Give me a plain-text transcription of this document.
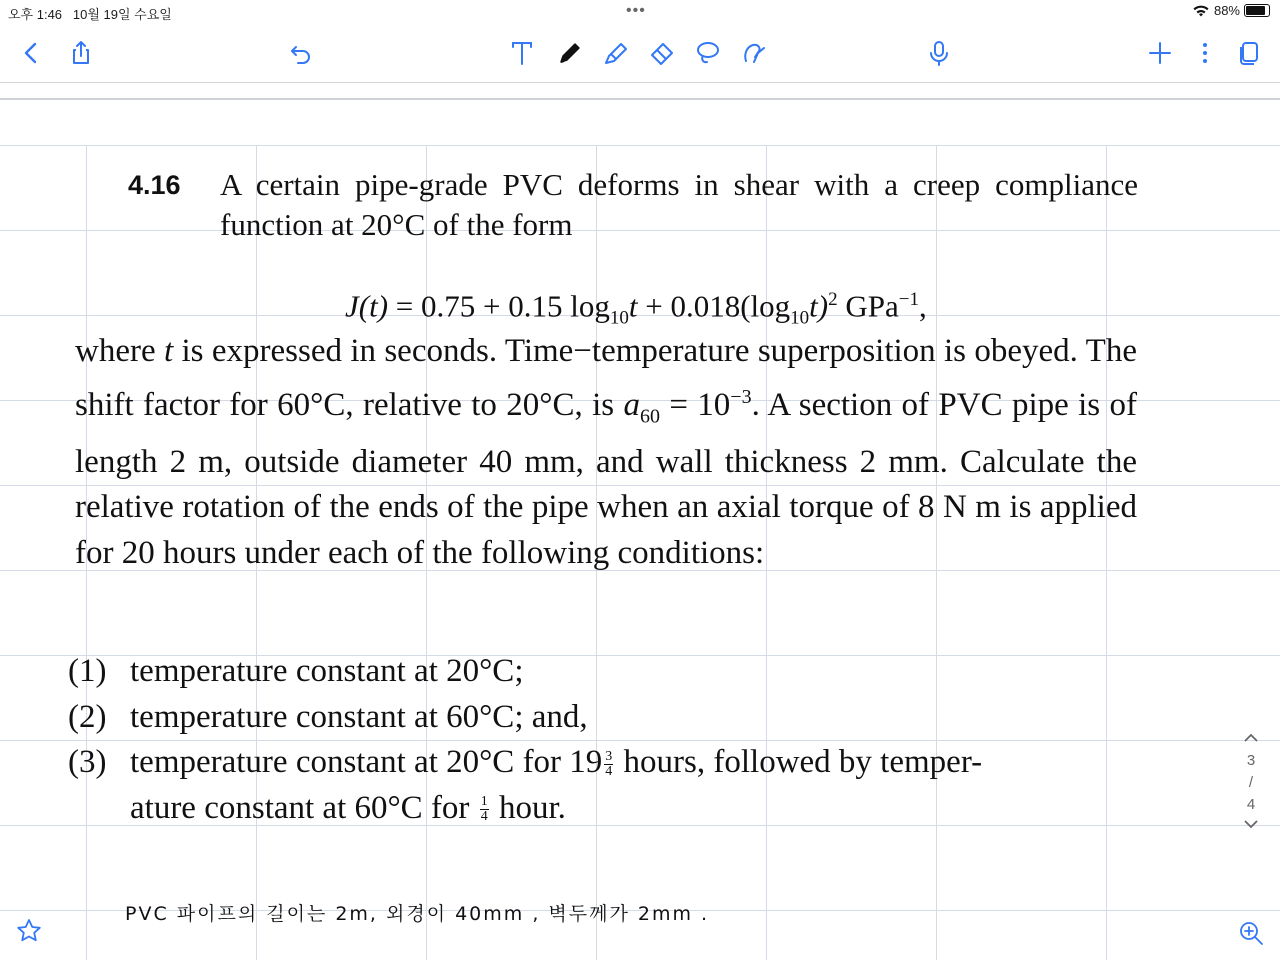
오후 1:46 10월 19일 수요일	•••	88%
4.16 A certain pipe-grade PVC deforms in shear with a creep compliance function at 20°C of the form
J(t) = 0.75 + 0.15 $\log_{10}t + 0.018(\log_{10}t)^2$ GPa$^{-1}$,
where t is expressed in seconds. Time−temperature superposition is obeyed. The shift factor for 60°C, relative to 20°C, is $a_{60} = 10^{-3}$. A section of PVC pipe is of length 2 m, outside diameter 40 mm, and wall thickness 2 mm. Calculate the relative rotation of the ends of the pipe when an axial torque of 8 N m is applied for 20 hours under each of the following conditions:
(1) temperature constant at 20°C;
(2) temperature constant at 60°C; and,
(3) temperature constant at 20°C for $19 \frac{3}{4}$ hours, followed by temper-
ature constant at 60°C for $\frac{1}{4}$ hour.
PVC 파이프의 길이는 2m, 외경이 40mm , 벽두께가 2mm .
3
/
4
